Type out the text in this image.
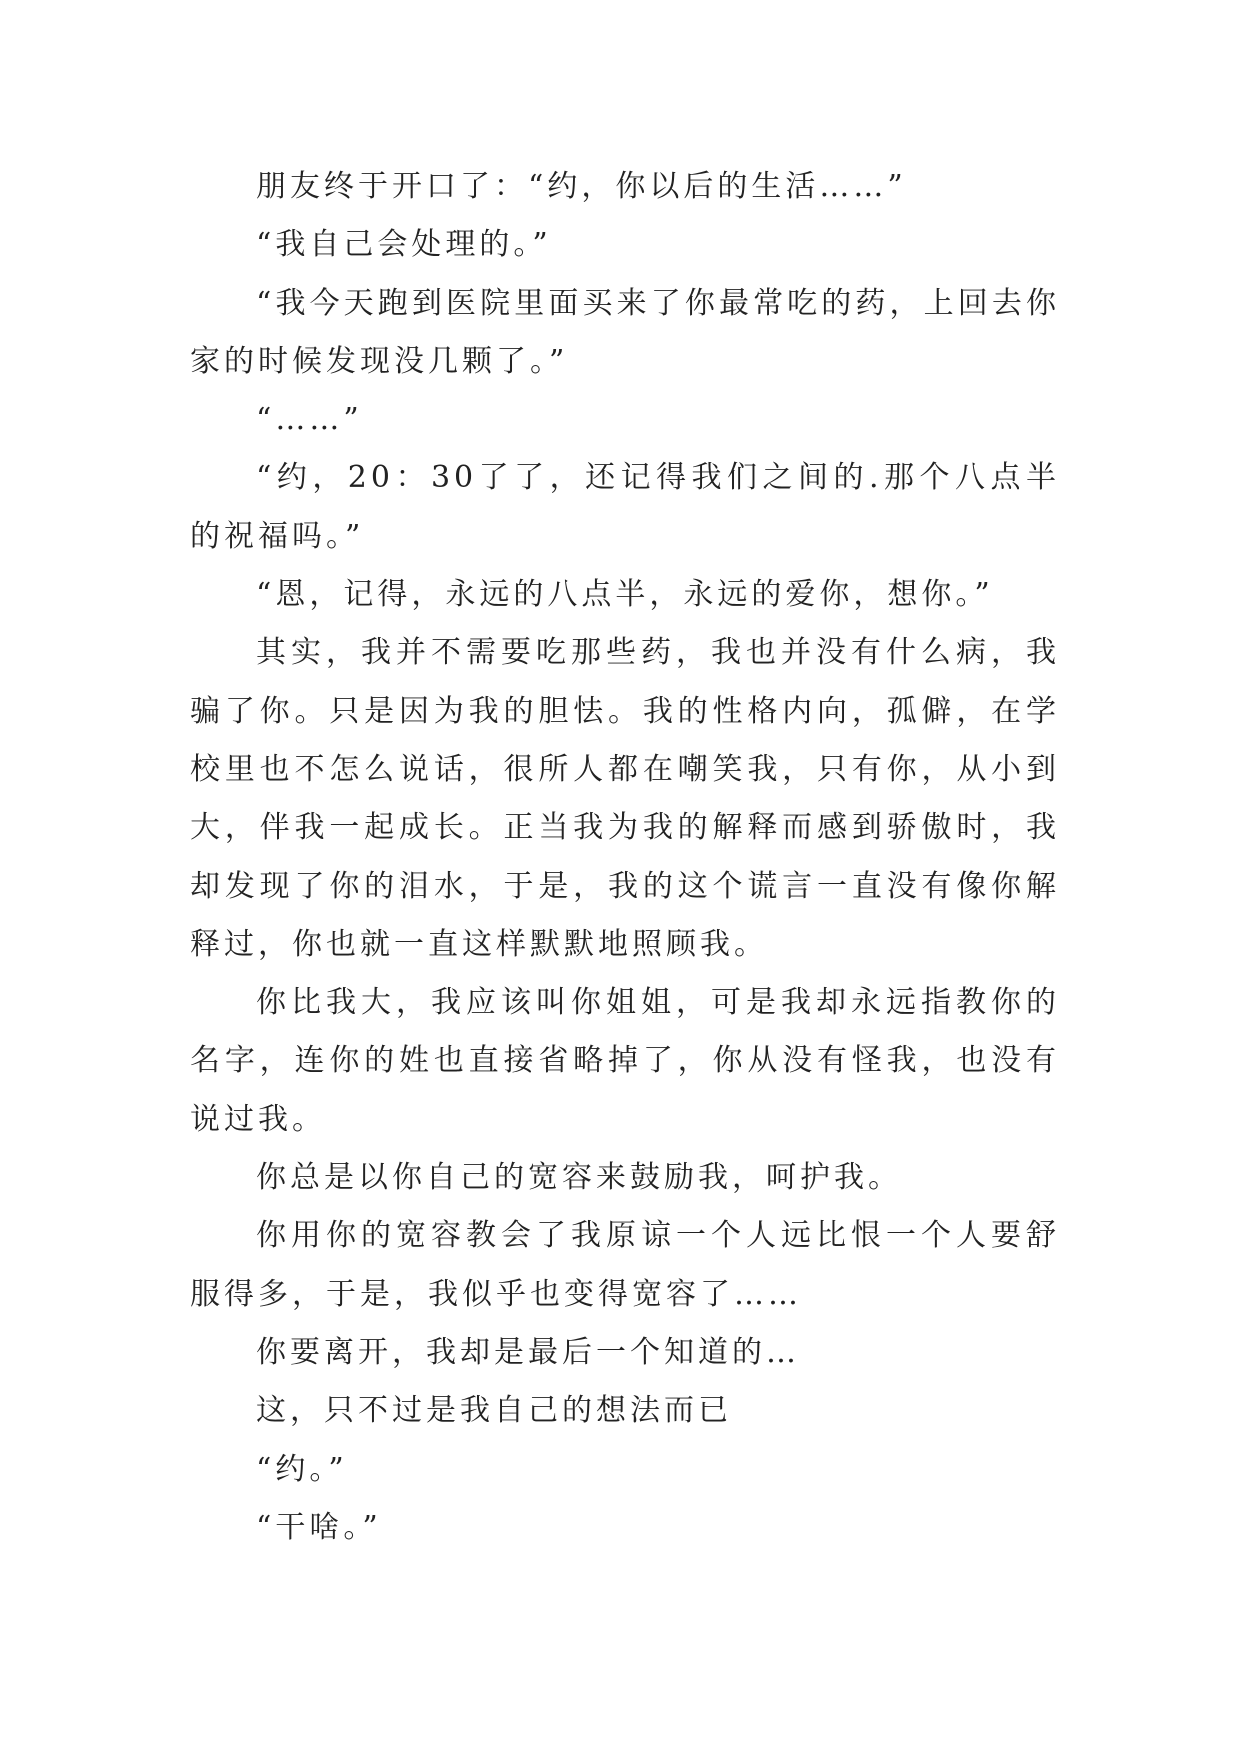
朋友终于开口了：“约，你以后的生活……”

“我自己会处理的。”

“我今天跑到医院里面买来了你最常吃的药，上回去你家的时候发现没几颗了。”

“……”

“约，20：30了了，还记得我们之间的.那个八点半的祝福吗。”

“恩，记得，永远的八点半，永远的爱你，想你。”

其实，我并不需要吃那些药，我也并没有什么病，我骗了你。只是因为我的胆怯。我的性格内向，孤僻，在学校里也不怎么说话，很所人都在嘲笑我，只有你，从小到大，伴我一起成长。正当我为我的解释而感到骄傲时，我却发现了你的泪水，于是，我的这个谎言一直没有像你解释过，你也就一直这样默默地照顾我。

你比我大，我应该叫你姐姐，可是我却永远指教你的名字，连你的姓也直接省略掉了，你从没有怪我，也没有说过我。

你总是以你自己的宽容来鼓励我，呵护我。

你用你的宽容教会了我原谅一个人远比恨一个人要舒服得多，于是，我似乎也变得宽容了……

你要离开，我却是最后一个知道的…

这，只不过是我自己的想法而已

“约。”

“干啥。”
